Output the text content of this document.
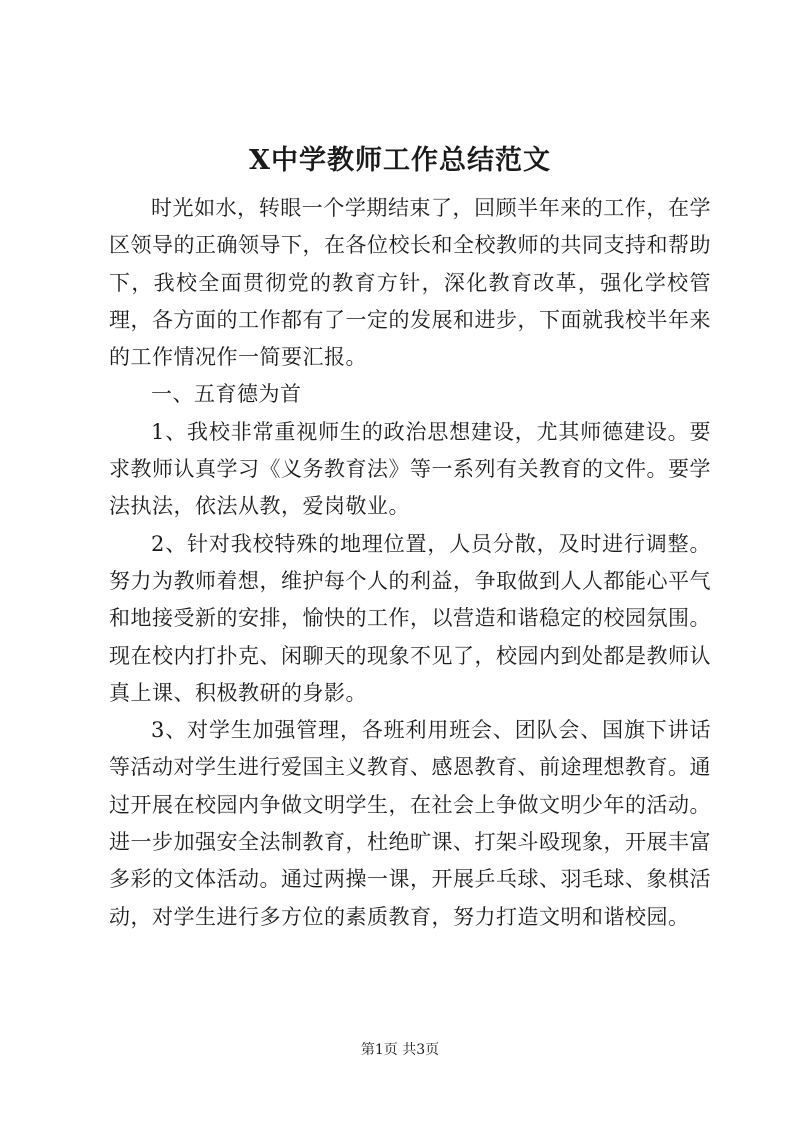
X中学教师工作总结范文

时光如水，转眼一个学期结束了，回顾半年来的工作，在学区领导的正确领导下，在各位校长和全校教师的共同支持和帮助下，我校全面贯彻党的教育方针，深化教育改革，强化学校管理，各方面的工作都有了一定的发展和进步，下面就我校半年来的工作情况作一简要汇报。

一、五育德为首

1、我校非常重视师生的政治思想建设，尤其师德建设。要求教师认真学习《义务教育法》等一系列有关教育的文件。要学法执法，依法从教，爱岗敬业。

2、针对我校特殊的地理位置，人员分散，及时进行调整。努力为教师着想，维护每个人的利益，争取做到人人都能心平气和地接受新的安排，愉快的工作，以营造和谐稳定的校园氛围。现在校内打扑克、闲聊天的现象不见了，校园内到处都是教师认真上课、积极教研的身影。

3、对学生加强管理，各班利用班会、团队会、国旗下讲话等活动对学生进行爱国主义教育、感恩教育、前途理想教育。通过开展在校园内争做文明学生，在社会上争做文明少年的活动。进一步加强安全法制教育，杜绝旷课、打架斗殴现象，开展丰富多彩的文体活动。通过两操一课，开展乒乓球、羽毛球、象棋活动，对学生进行多方位的素质教育，努力打造文明和谐校园。

第1页 共3页
